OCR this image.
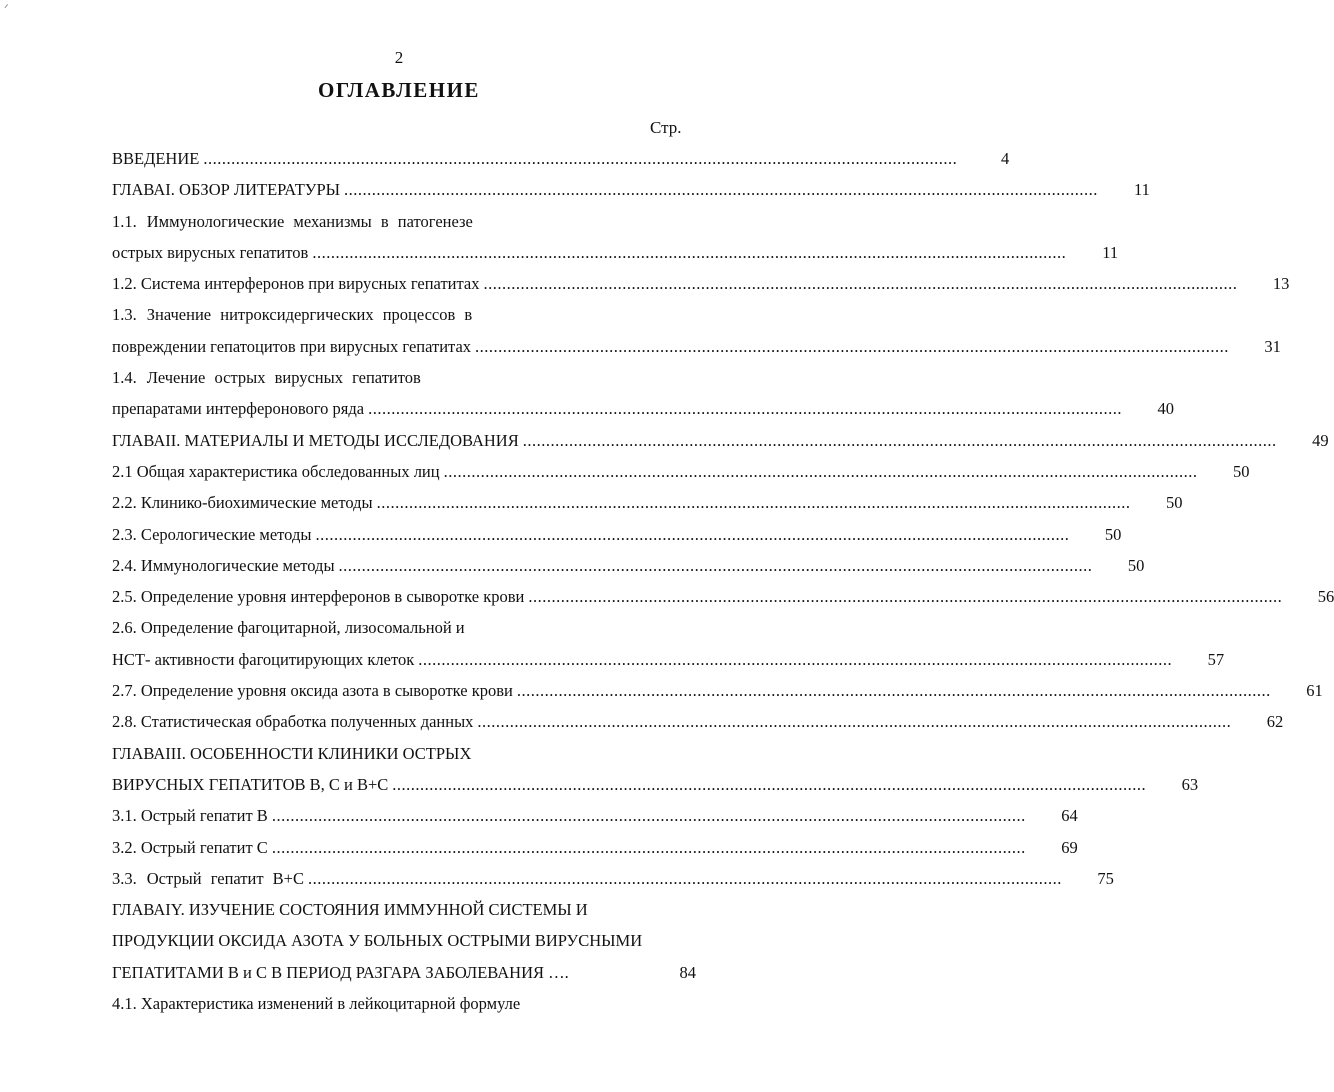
ᐟ
2
ОГЛАВЛЕНИЕ
Стр.
ВВЕДЕНИЕ ...................................................................................................................................................................	4
ГЛАВАI. ОБЗОР ЛИТЕРАТУРЫ ...................................................................................................................................................................	11
1.1. Иммунологические механизмы в патогенезе
острых вирусных гепатитов ...................................................................................................................................................................	11
1.2. Система интерферонов при вирусных гепатитах ...................................................................................................................................................................	13
1.3. Значение нитроксидергических процессов в
повреждении гепатоцитов при вирусных гепатитах ...................................................................................................................................................................	31
1.4. Лечение острых вирусных гепатитов
препаратами интерферонового ряда ...................................................................................................................................................................	40
ГЛАВАII. МАТЕРИАЛЫ И МЕТОДЫ ИССЛЕДОВАНИЯ ...................................................................................................................................................................	49
2.1 Общая характеристика обследованных лиц ...................................................................................................................................................................	50
2.2. Клинико-биохимические методы ...................................................................................................................................................................	50
2.3. Серологические методы ...................................................................................................................................................................	50
2.4. Иммунологические методы ...................................................................................................................................................................	50
2.5. Определение уровня интерферонов в сыворотке крови ...................................................................................................................................................................	56
2.6. Определение фагоцитарной, лизосомальной и
НСТ- активности фагоцитирующих клеток ...................................................................................................................................................................	57
2.7. Определение уровня оксида азота в сыворотке крови ...................................................................................................................................................................	61
2.8. Статистическая обработка полученных данных ...................................................................................................................................................................	62
ГЛАВАIII. ОСОБЕННОСТИ КЛИНИКИ ОСТРЫХ
ВИРУСНЫХ ГЕПАТИТОВ В, С и В+С ...................................................................................................................................................................	63
3.1. Острый гепатит В ...................................................................................................................................................................	64
3.2. Острый гепатит С ...................................................................................................................................................................	69
3.3. Острый гепатит В+С ...................................................................................................................................................................	75
ГЛАВАIY. ИЗУЧЕНИЕ СОСТОЯНИЯ ИММУННОЙ СИСТЕМЫ И
ПРОДУКЦИИ ОКСИДА АЗОТА У БОЛЬНЫХ ОСТРЫМИ ВИРУСНЫМИ
ГЕПАТИТАМИ В и С В ПЕРИОД РАЗГАРА ЗАБОЛЕВАНИЯ ….	84
4.1. Характеристика изменений в лейкоцитарной формуле
